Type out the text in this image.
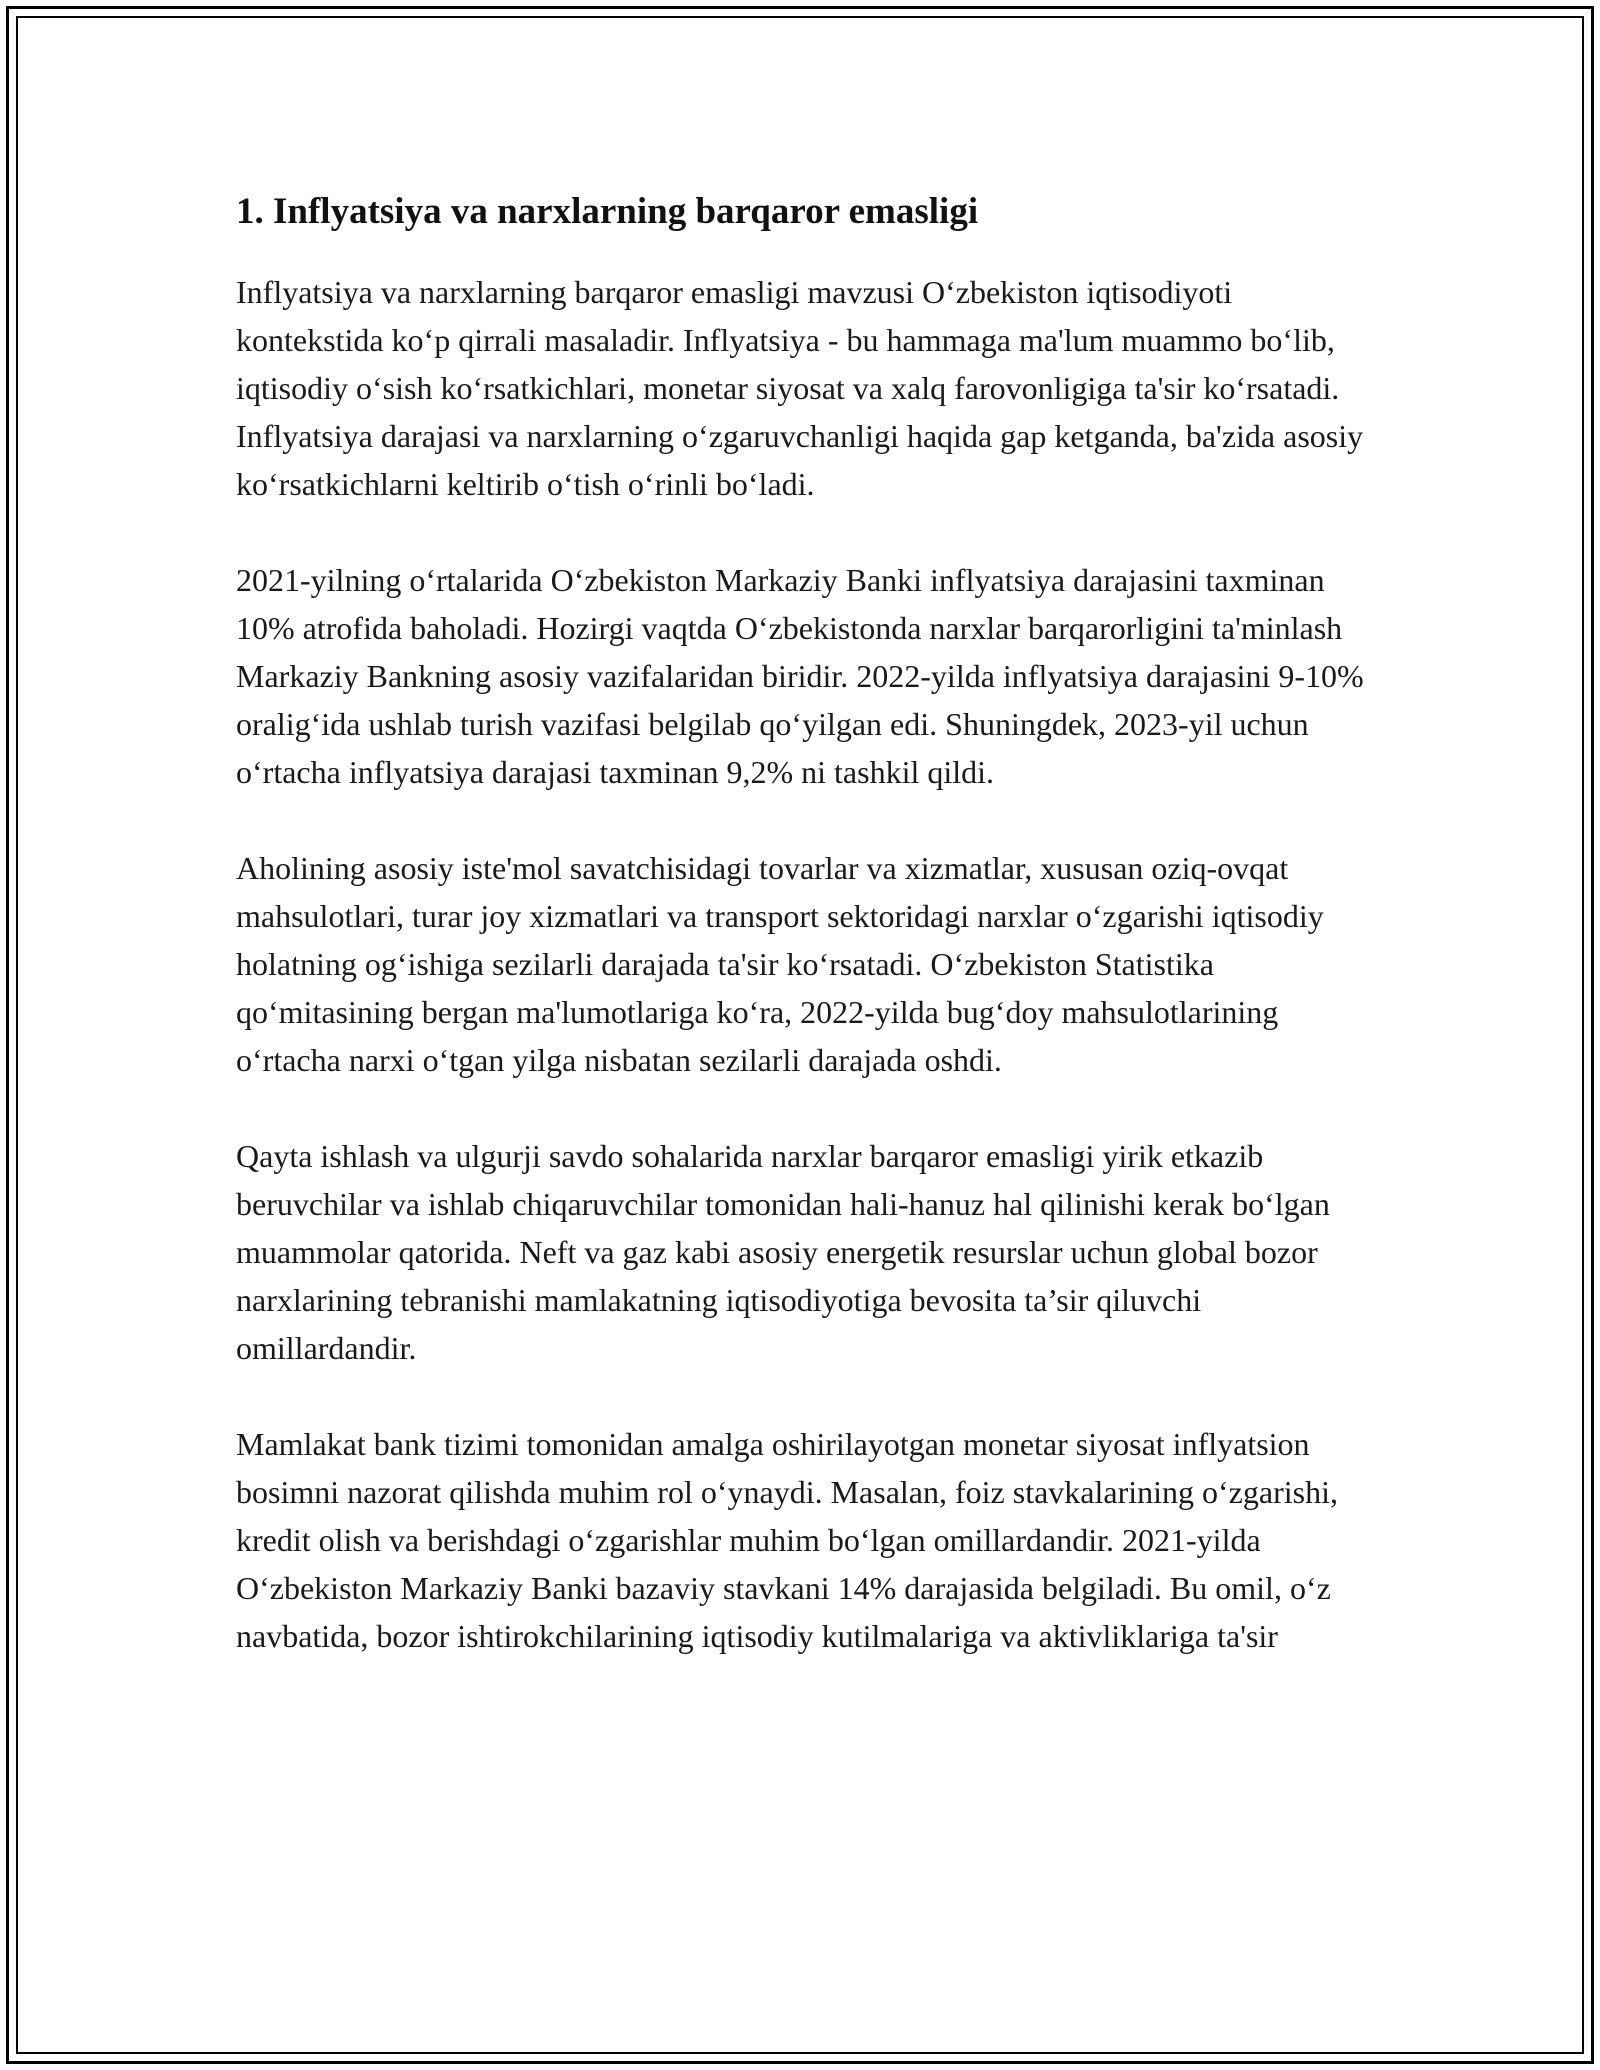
1. Inflyatsiya va narxlarning barqaror emasligi

Inflyatsiya va narxlarning barqaror emasligi mavzusi Oʻzbekiston iqtisodiyoti kontekstida koʻp qirrali masaladir. Inflyatsiya - bu hammaga ma'lum muammo boʻlib, iqtisodiy oʻsish koʻrsatkichlari, monetar siyosat va xalq farovonligiga ta'sir koʻrsatadi. Inflyatsiya darajasi va narxlarning oʻzgaruvchanligi haqida gap ketganda, ba'zida asosiy koʻrsatkichlarni keltirib oʻtish oʻrinli boʻladi.

2021-yilning oʻrtalarida Oʻzbekiston Markaziy Banki inflyatsiya darajasini taxminan 10% atrofida baholadi. Hozirgi vaqtda Oʻzbekistonda narxlar barqarorligini ta'minlash Markaziy Bankning asosiy vazifalaridan biridir. 2022-yilda inflyatsiya darajasini 9-10% oraligʻida ushlab turish vazifasi belgilab qoʻyilgan edi. Shuningdek, 2023-yil uchun oʻrtacha inflyatsiya darajasi taxminan 9,2% ni tashkil qildi.

Aholining asosiy iste'mol savatchisidagi tovarlar va xizmatlar, xususan oziq-ovqat mahsulotlari, turar joy xizmatlari va transport sektoridagi narxlar oʻzgarishi iqtisodiy holatning ogʻishiga sezilarli darajada ta'sir koʻrsatadi. Oʻzbekiston Statistika qoʻmitasining bergan ma'lumotlariga koʻra, 2022-yilda bugʻdoy mahsulotlarining oʻrtacha narxi oʻtgan yilga nisbatan sezilarli darajada oshdi.

Qayta ishlash va ulgurji savdo sohalarida narxlar barqaror emasligi yirik etkazib beruvchilar va ishlab chiqaruvchilar tomonidan hali-hanuz hal qilinishi kerak boʻlgan muammolar qatorida. Neft va gaz kabi asosiy energetik resurslar uchun global bozor narxlarining tebranishi mamlakatning iqtisodiyotiga bevosita ta’sir qiluvchi omillardandir.

Mamlakat bank tizimi tomonidan amalga oshirilayotgan monetar siyosat inflyatsion bosimni nazorat qilishda muhim rol oʻynaydi. Masalan, foiz stavkalarining oʻzgarishi, kredit olish va berishdagi oʻzgarishlar muhim boʻlgan omillardandir. 2021-yilda Oʻzbekiston Markaziy Banki bazaviy stavkani 14% darajasida belgiladi. Bu omil, oʻz navbatida, bozor ishtirokchilarining iqtisodiy kutilmalariga va aktivliklariga ta'sir
